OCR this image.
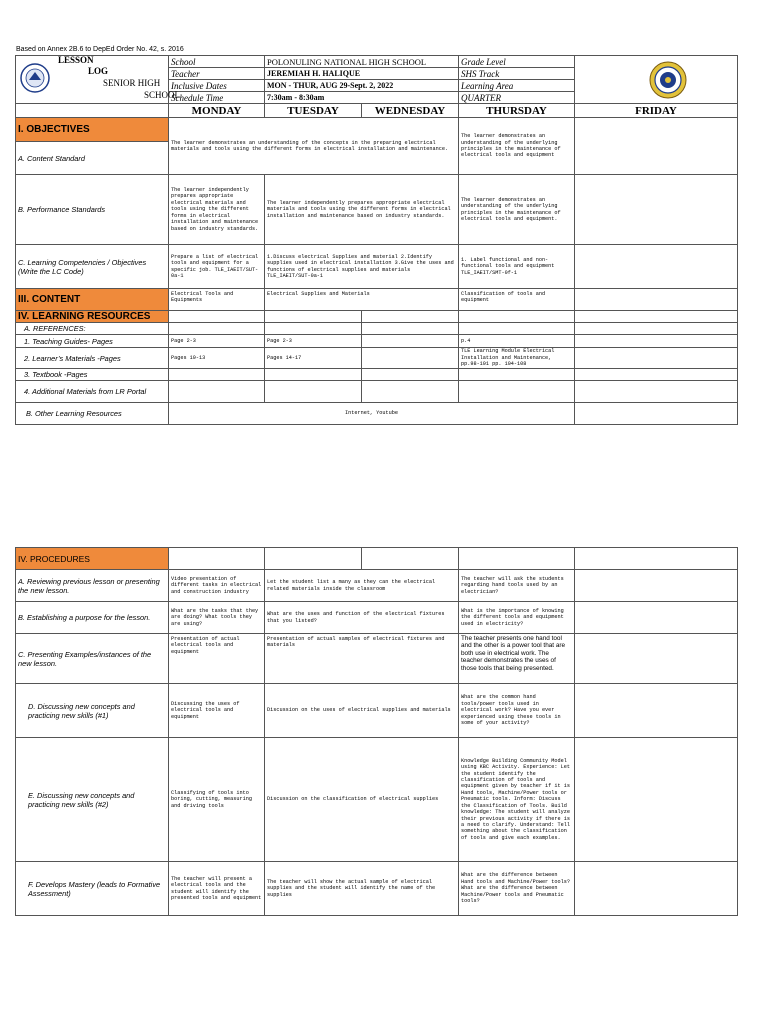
Based on Annex 2B.6 to DepEd Order No. 42, s. 2016
LESSON
LOG
SENIOR HIGH
SCHOOL	School	POLONULING NATIONAL HIGH SCHOOL		Grade Level	
	Teacher	JEREMIAH H. HALIQUE		SHS Track	
	Inclusive Dates	MON - THUR, AUG 29-Sept. 2, 2022		Learning Area	
	Schedule Time	7:30am - 8:30am		QUARTER	
	MONDAY	TUESDAY	WEDNESDAY	THURSDAY	FRIDAY
I. OBJECTIVES	The learner demonstrates an understanding of the concepts in the preparing electrical materials and tools using the different forms in electrical installation and maintenance.			The learner demonstrates an understanding of the underlying principles in the maintenance of electrical tools and equipment	
A. Content Standard					
B. Performance Standards	The learner independently prepares appropriate electrical materials and tools using the different forms in electrical installation and maintenance based on industry standards.	The learner independently prepares appropriate electrical materials and tools using the different forms in electrical installation and maintenance based on industry standards.		The learner demonstrates an understanding of the underlying principles in the maintenance of electrical tools and equipment.	
C. Learning Competencies / Objectives (Write the LC Code)	Prepare a list of electrical tools and equipment for a specific job. TLE_IAEIT/SUT-0a-1	1.Discuss electrical Supplies and material 2.Identify supplies used in electrical installation 3.Give the uses and functions of electrical supplies and materials TLE_IAEIT/SUT-0a-1		1. Label functional and non-functional tools and equipment TLE_IAEIT/SMT-0f-1	
III. CONTENT	Electrical Tools and Equipments	Electrical Supplies and Materials		Classification of tools and equipment	
IV. LEARNING RESOURCES					
A. REFERENCES:					
1. Teaching Guides- Pages	Page 2-3	Page 2-3		p.4	
2. Learner’s Materials -Pages	Pages 10-13	Pages 14-17		TLE Learning Module Electrical Installation and Maintenance, pp.98-101 pp. 104-108	
3. Textbook -Pages					
4. Additional Materials from LR Portal					
B. Other Learning Resources	Internet, Youtube				
IV. PROCEDURES					
A. Reviewing previous lesson or presenting the new lesson.	Video presentation of different tasks in electrical and construction industry	Let the student list a many as they can the electrical related materials inside the classroom		The teacher will ask the students regarding hand tools used by an electrician?	
B. Establishing a purpose for the lesson.	What are the tasks that they are doing? What tools they are using?	What are the uses and function of the electrical fixtures that you listed?		What is the importance of knowing the different tools and equipment used in electricity?	
C. Presenting Examples/instances of the new lesson.	Presentation of actual electrical tools and equipment	Presentation of actual samples of electrical fixtures and materials		The teacher presents one hand tool and the other is a power tool that are both use in electrical work. The teacher demonstrates the uses of those tools that being presented.	
D. Discussing new concepts and practicing new skills (#1)	Discussing the uses of electrical tools and equipment	Discussion on the uses of electrical supplies and materials		What are the common hand tools/power tools used in electrical work? Have you ever experienced using these tools in some of your activity?	
E. Discussing new concepts and practicing new skills (#2)	Classifying of tools into boring, cutting, measuring and driving tools	Discussion on the classification of electrical supplies		Knowledge Building Community Model using KBC Activity. Experience: Let the student identify the classification of tools and equipment given by teacher if it is Hand tools, Machine/Power tools or Pneumatic tools. Inform: Discuss the Classification of Tools. Build knowledge: The student will analyze their previous activity if there is a need to clarify. Understand: Tell something about the classification of tools and give each examples.	
F. Develops Mastery (leads to Formative Assessment)	The teacher will present a electrical tools and the student will identify the presented tools and equipment	The teacher will show the actual sample of electrical supplies and the student will identify the name of the supplies		What are the difference between Hand tools and Machine/Power tools? What are the difference between Machine/Power tools and Pneumatic tools?	
